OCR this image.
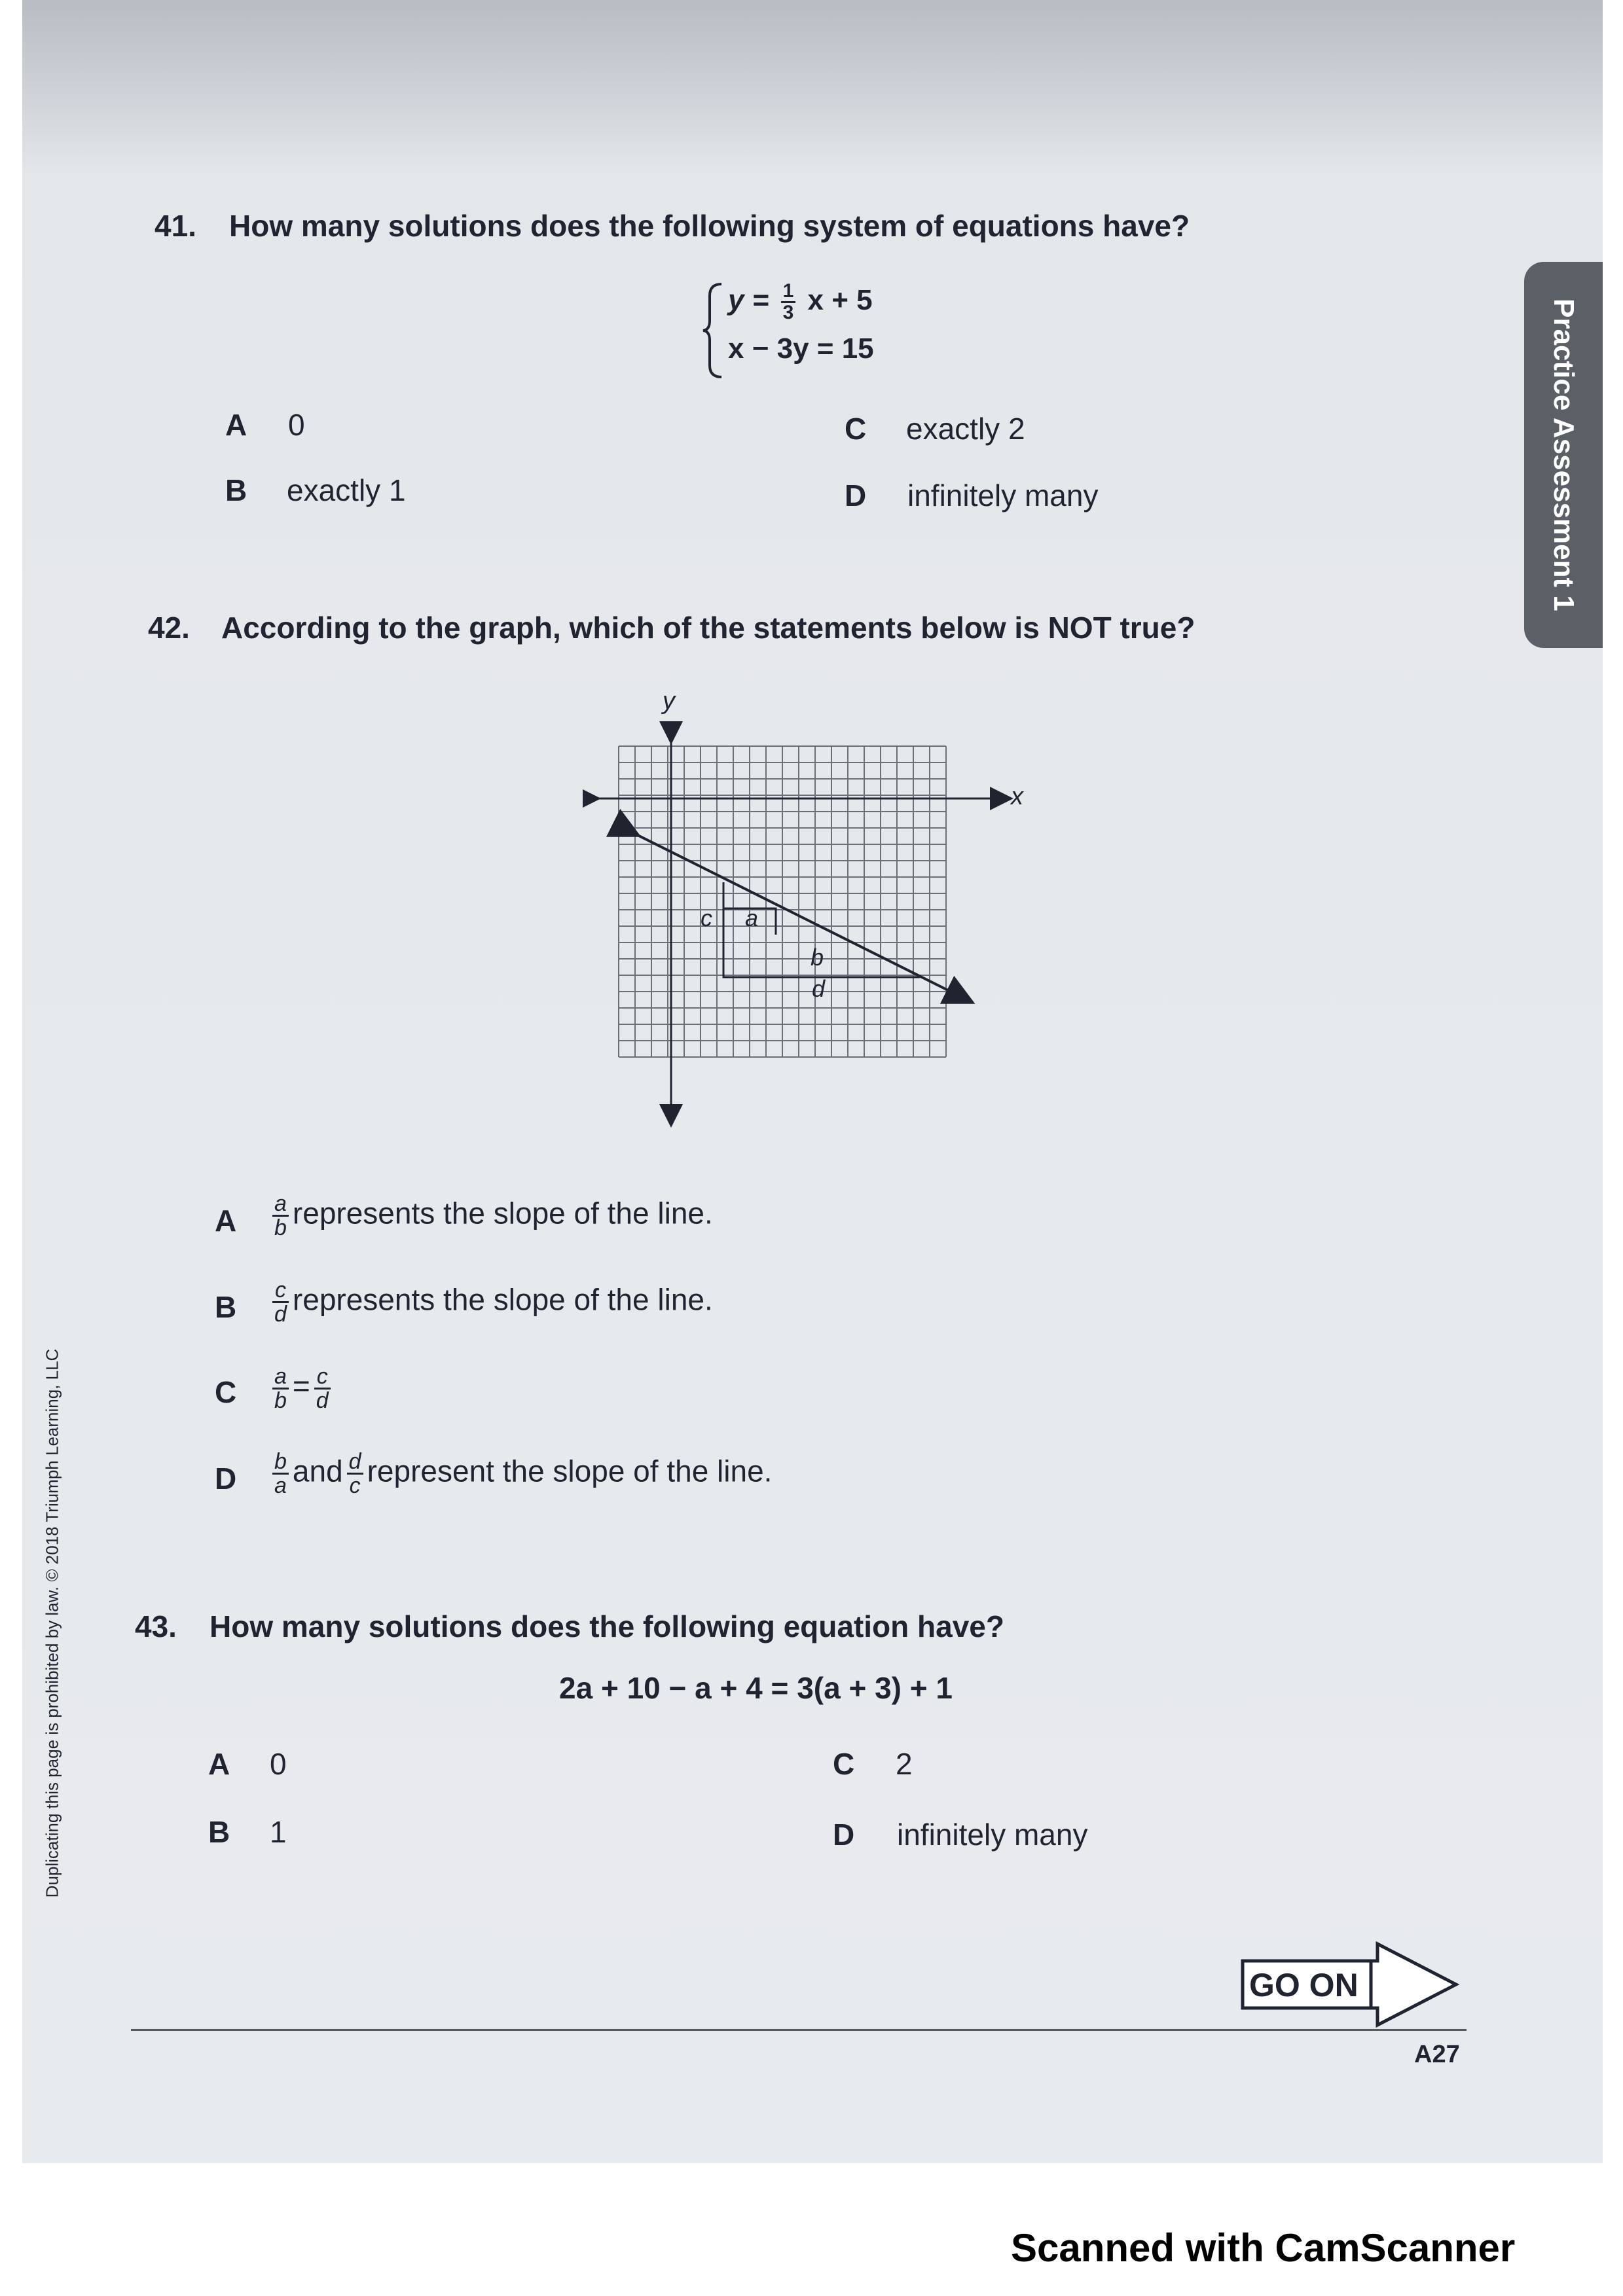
Practice Assessment 1
Duplicating this page is prohibited by law. © 2018 Triumph Learning, LLC
41. How many solutions does the following system of equations have?
$y = \frac{1}{3}$ x + 5
x − 3y = 15
A 0
B exactly 1
C exactly 2
D infinitely many
42. According to the graph, which of the statements below is NOT true?
c a
b
d
y
x
A $\frac{a}{b}$ represents the slope of the line.
B $\frac{c}{d}$ represents the slope of the line.
C $\frac{a}{b} = \frac{c}{d}$
D $\frac{b}{a}$ and $\frac{d}{c}$ represent the slope of the line.
43. How many solutions does the following equation have?
2a + 10 − a + 4 = 3(a + 3) + 1
A 0
B 1
C 2
D infinitely many
GO ON
A27
Scanned with CamScanner
